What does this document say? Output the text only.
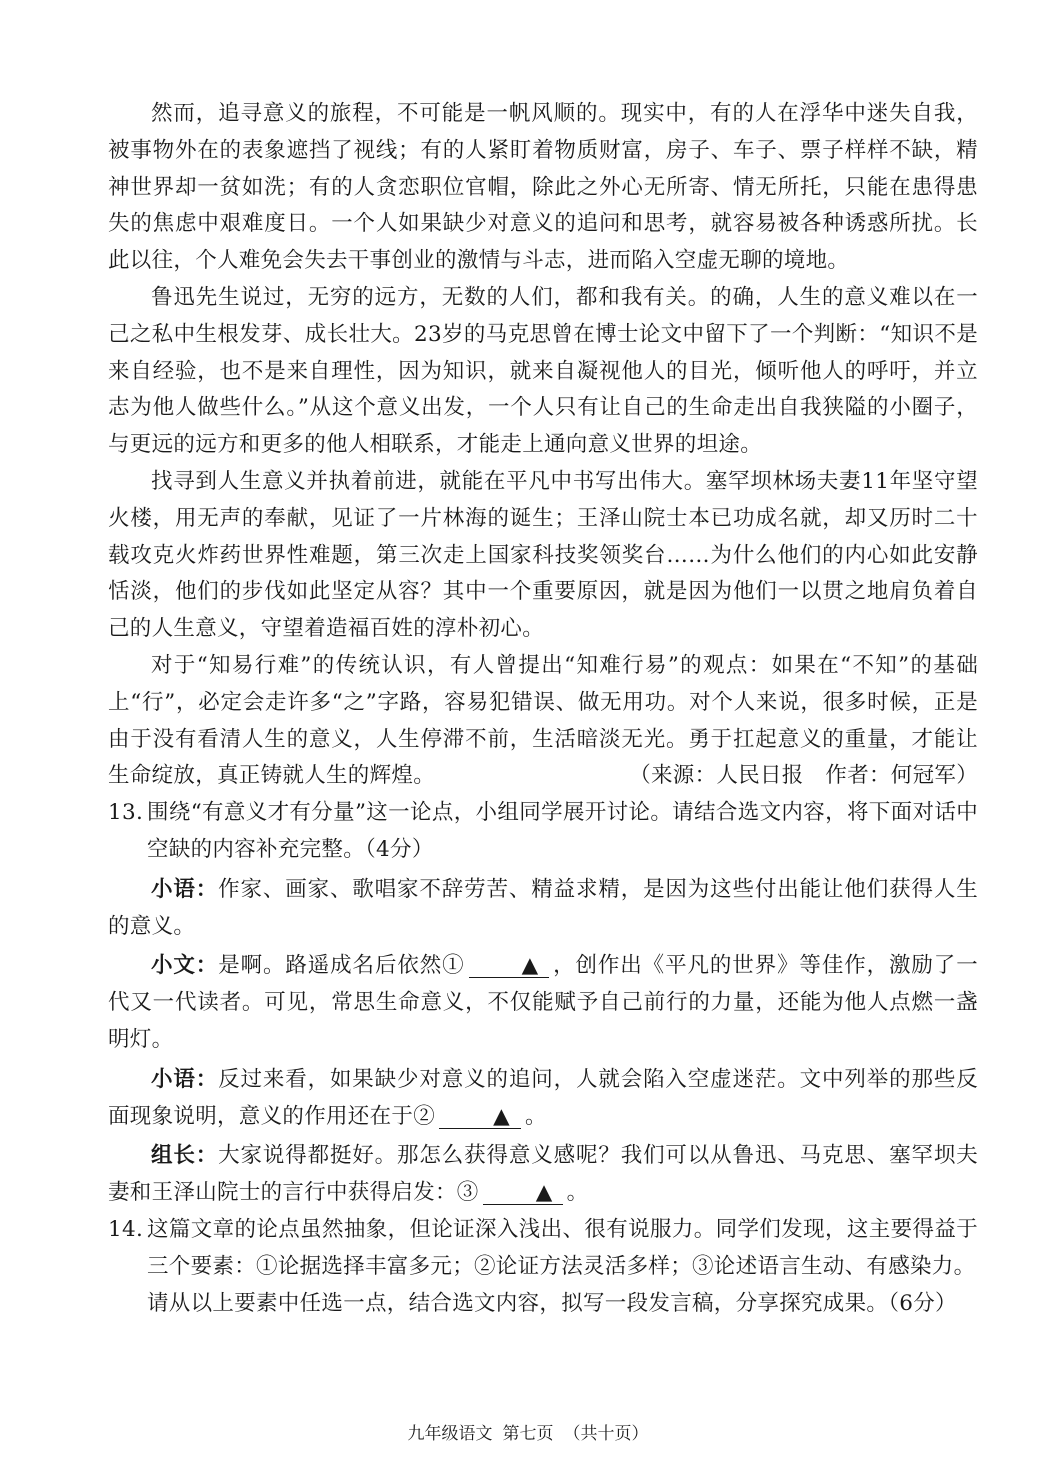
然而，追寻意义的旅程，不可能是一帆风顺的。现实中，有的人在浮华中迷失自我，被事物外在的表象遮挡了视线；有的人紧盯着物质财富，房子、车子、票子样样不缺，精神世界却一贫如洗；有的人贪恋职位官帽，除此之外心无所寄、情无所托，只能在患得患失的焦虑中艰难度日。一个人如果缺少对意义的追问和思考，就容易被各种诱惑所扰。长此以往，个人难免会失去干事创业的激情与斗志，进而陷入空虚无聊的境地。

鲁迅先生说过，无穷的远方，无数的人们，都和我有关。的确，人生的意义难以在一己之私中生根发芽、成长壮大。23岁的马克思曾在博士论文中留下了一个判断：“知识不是来自经验，也不是来自理性，因为知识，就来自凝视他人的目光，倾听他人的呼吁，并立志为他人做些什么。”从这个意义出发，一个人只有让自己的生命走出自我狭隘的小圈子，与更远的远方和更多的他人相联系，才能走上通向意义世界的坦途。

找寻到人生意义并执着前进，就能在平凡中书写出伟大。塞罕坝林场夫妻11年坚守望火楼，用无声的奉献，见证了一片林海的诞生；王泽山院士本已功成名就，却又历时二十载攻克火炸药世界性难题，第三次走上国家科技奖领奖台……为什么他们的内心如此安静恬淡，他们的步伐如此坚定从容？其中一个重要原因，就是因为他们一以贯之地肩负着自己的人生意义，守望着造福百姓的淳朴初心。

对于“知易行难”的传统认识，有人曾提出“知难行易”的观点：如果在“不知”的基础上“行”，必定会走许多“之”字路，容易犯错误、做无用功。对个人来说，很多时候，正是由于没有看清人生的意义，人生停滞不前，生活暗淡无光。勇于扛起意义的重量，才能让生命绽放，真正铸就人生的辉煌。	（来源：人民日报　作者：何冠军）

13. 围绕“有意义才有分量”这一论点，小组同学展开讨论。请结合选文内容，将下面对话中空缺的内容补充完整。（4分）

小语：作家、画家、歌唱家不辞劳苦、精益求精，是因为这些付出能让他们获得人生的意义。

小文：是啊。路遥成名后依然①	▲ ，创作出《平凡的世界》等佳作，激励了一代又一代读者。可见，常思生命意义，不仅能赋予自己前行的力量，还能为他人点燃一盏明灯。

小语：反过来看，如果缺少对意义的追问，人就会陷入空虚迷茫。文中列举的那些反面现象说明，意义的作用还在于②	▲ 。

组长：大家说得都挺好。那怎么获得意义感呢？我们可以从鲁迅、马克思、塞罕坝夫妻和王泽山院士的言行中获得启发：③	▲ 。

14. 这篇文章的论点虽然抽象，但论证深入浅出、很有说服力。同学们发现，这主要得益于三个要素：①论据选择丰富多元；②论证方法灵活多样；③论述语言生动、有感染力。

请从以上要素中任选一点，结合选文内容，拟写一段发言稿，分享探究成果。（6分）

九年级语文 第七页 （共十页）
